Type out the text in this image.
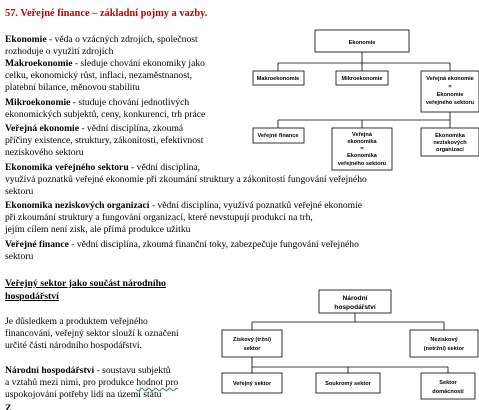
57. Veřejné finance – základní pojmy a vazby.
Ekonomie - věda o vzácných zdrojích, společnost
rozhoduje o využití zdrojích
Makroekonomie - sleduje chování ekonomiky jako
celku, ekonomický růst, inflaci, nezaměstnanost,
platební bilance, měnovou stabilitu
Mikroekonomie - studuje chování jednotlivých
ekonomických subjektů, ceny, konkurenci, trh práce
Veřejná ekonomie - vědní disciplína, zkoumá
příčiny existence, struktury, zákonitosti, efektivnost
neziskového sektoru
Ekonomika veřejného sektoru - vědní disciplína,
využívá poznatků veřejné ekonomie při zkoumání struktury a zákonitostí fungování veřejného
sektoru
Ekonomika neziskových organizací - vědní disciplína, využívá poznatků veřejné ekonomie
při zkoumání struktury a fungování organizací, které nevstupují produkcí na trh,
jejím cílem není zisk, ale přímá produkce užitku
Veřejné finance - vědní disciplína, zkoumá finanční toky, zabezpečuje fungování veřejného
sektoru
Veřejný sektor jako součást národního
hospodářství
Je důsledkem a produktem veřejného
financování, veřejný sektor slouží k označení
určité části národního hospodářství.
Národní hospodářství - soustavu subjektů
a vztahů mezi nimi, pro produkce hodnot pro
uspokojování potřeby lidí na území státu
Z
Ekonomie
Makroekonomie	Mikroekonomie	Veřejná ekonomie
=
Ekonomie
veřejného sektoru
Veřejné finance	Veřejná
ekonomika
=
Ekonomika
veřejného sektoru
Ekonomika
neziskových
organizací
Národní
hospodářství
Ziskový (tržní)
sektor
Neziskový
(netržní) sektor
Veřejný sektor	Soukromý sektor	Sektor
domácností
